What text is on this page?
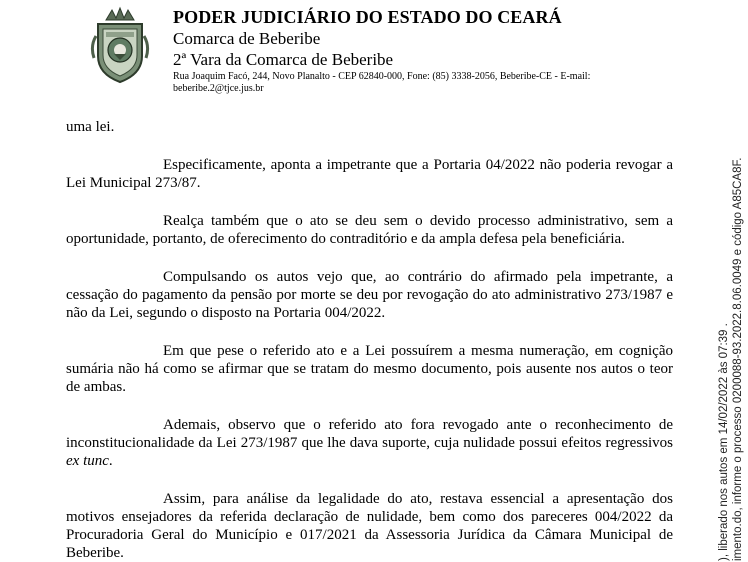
PODER JUDICIÁRIO DO ESTADO DO CEARÁ
Comarca de Beberibe
2ª Vara da Comarca de Beberibe
Rua Joaquim Facó, 244, Novo Planalto - CEP 62840-000, Fone: (85) 3338-2056, Beberibe-CE - E-mail:
beberibe.2@tjce.jus.br

uma lei.

Especificamente, aponta a impetrante que a Portaria 04/2022 não poderia revogar a Lei Municipal 273/87.

Realça também que o ato se deu sem o devido processo administrativo, sem a oportunidade, portanto, de oferecimento do contraditório e da ampla defesa pela beneficiária.

Compulsando os autos vejo que, ao contrário do afirmado pela impetrante, a cessação do pagamento da pensão por morte se deu por revogação do ato administrativo 273/1987 e não da Lei, segundo o disposto na Portaria 004/2022.

Em que pese o referido ato e a Lei possuírem a mesma numeração, em cognição sumária não há como se afirmar que se tratam do mesmo documento, pois ausente nos autos o teor de ambas.

Ademais, observo que o referido ato fora revogado ante o reconhecimento de inconstitucionalidade da Lei 273/1987 que lhe dava suporte, cuja nulidade possui efeitos regressivos ex tunc.

Assim, para análise da legalidade do ato, restava essencial a apresentação dos motivos ensejadores da referida declaração de nulidade, bem como dos pareceres 004/2022 da Procuradoria Geral do Município e 017/2021 da Assessoria Jurídica da Câmara Municipal de Beberibe.	), liberado nos autos em 14/02/2022 às 07:39 . imento.do, informe o processo 0200088-93.2022.8.06.0049 e código A85CA8F.
